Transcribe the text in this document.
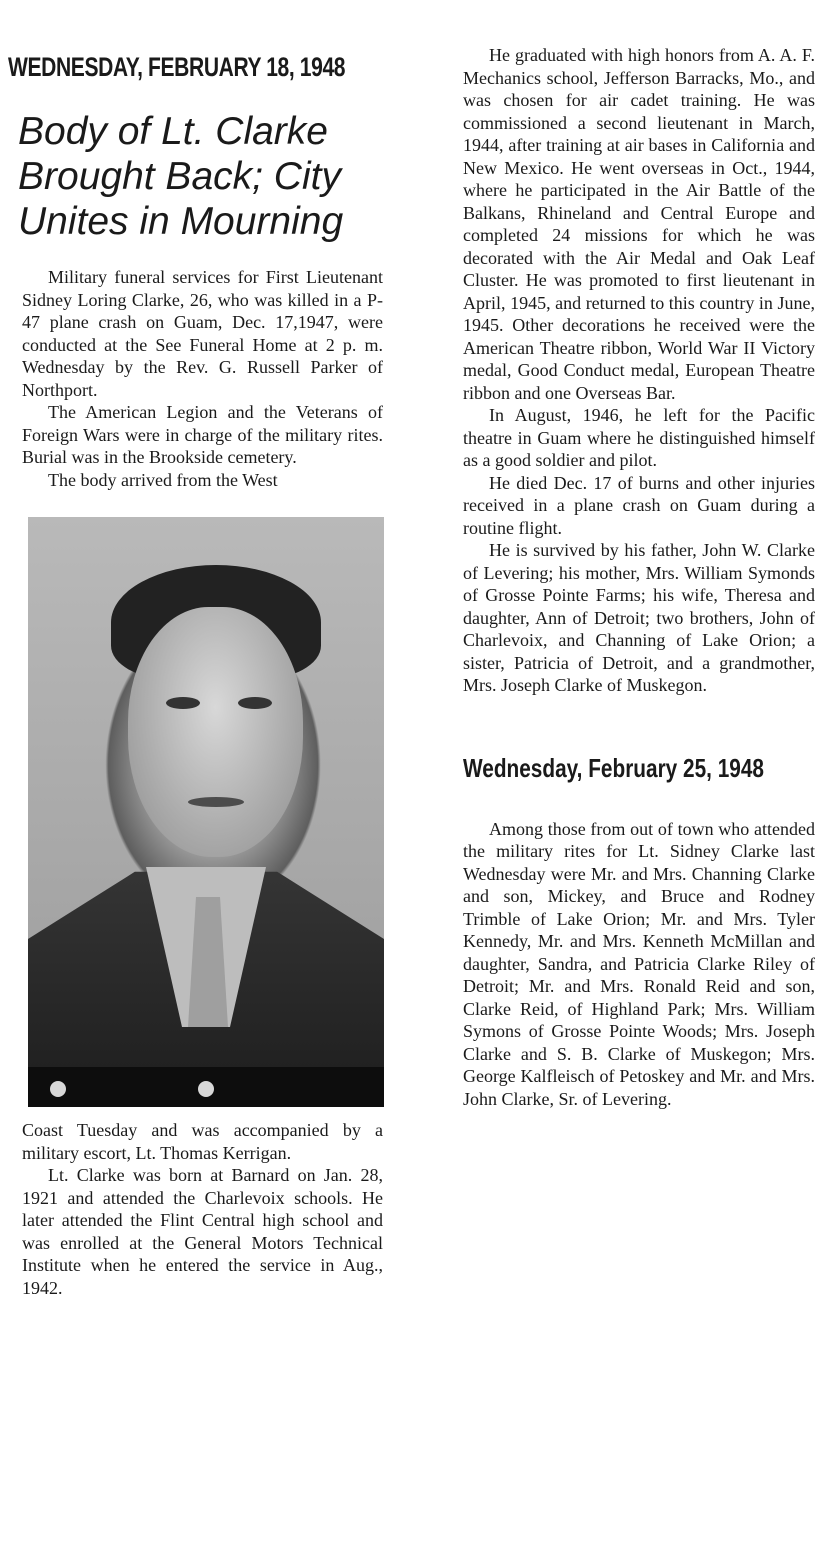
WEDNESDAY, FEBRUARY 18, 1948
Body of Lt. Clarke
Brought Back; City
Unites in Mourning

Military funeral services for First Lieutenant Sidney Loring Clarke, 26, who was killed in a P-47 plane crash on Guam, Dec. 17,1947, were conducted at the See Funeral Home at 2 p. m. Wednesday by the Rev. G. Russell Parker of Northport.

The American Legion and the Veterans of Foreign Wars were in charge of the military rites. Burial was in the Brookside cemetery.

The body arrived from the West

Coast Tuesday and was accompanied by a military escort, Lt. Thomas Kerrigan.

Lt. Clarke was born at Barnard on Jan. 28, 1921 and attended the Charlevoix schools. He later attended the Flint Central high school and was enrolled at the General Motors Technical Institute when he entered the service in Aug., 1942.

He graduated with high honors from A. A. F. Mechanics school, Jefferson Barracks, Mo., and was chosen for air cadet training. He was commissioned a second lieutenant in March, 1944, after training at air bases in California and New Mexico. He went overseas in Oct., 1944, where he participated in the Air Battle of the Balkans, Rhineland and Central Europe and completed 24 missions for which he was decorated with the Air Medal and Oak Leaf Cluster. He was promoted to first lieutenant in April, 1945, and returned to this country in June, 1945. Other decorations he received were the American Theatre ribbon, World War II Victory medal, Good Conduct medal, European Theatre ribbon and one Overseas Bar.

In August, 1946, he left for the Pacific theatre in Guam where he distinguished himself as a good soldier and pilot.

He died Dec. 17 of burns and other injuries received in a plane crash on Guam during a routine flight.

He is survived by his father, John W. Clarke of Levering; his mother, Mrs. William Symonds of Grosse Pointe Farms; his wife, Theresa and daughter, Ann of Detroit; two brothers, John of Charlevoix, and Channing of Lake Orion; a sister, Patricia of Detroit, and a grandmother, Mrs. Joseph Clarke of Muskegon.

Wednesday, February 25, 1948

Among those from out of town who attended the military rites for Lt. Sidney Clarke last Wednesday were Mr. and Mrs. Channing Clarke and son, Mickey, and Bruce and Rodney Trimble of Lake Orion; Mr. and Mrs. Tyler Kennedy, Mr. and Mrs. Kenneth McMillan and daughter, Sandra, and Patricia Clarke Riley of Detroit; Mr. and Mrs. Ronald Reid and son, Clarke Reid, of Highland Park; Mrs. William Symons of Grosse Pointe Woods; Mrs. Joseph Clarke and S. B. Clarke of Muskegon; Mrs. George Kalfleisch of Petoskey and Mr. and Mrs. John Clarke, Sr. of Levering.
